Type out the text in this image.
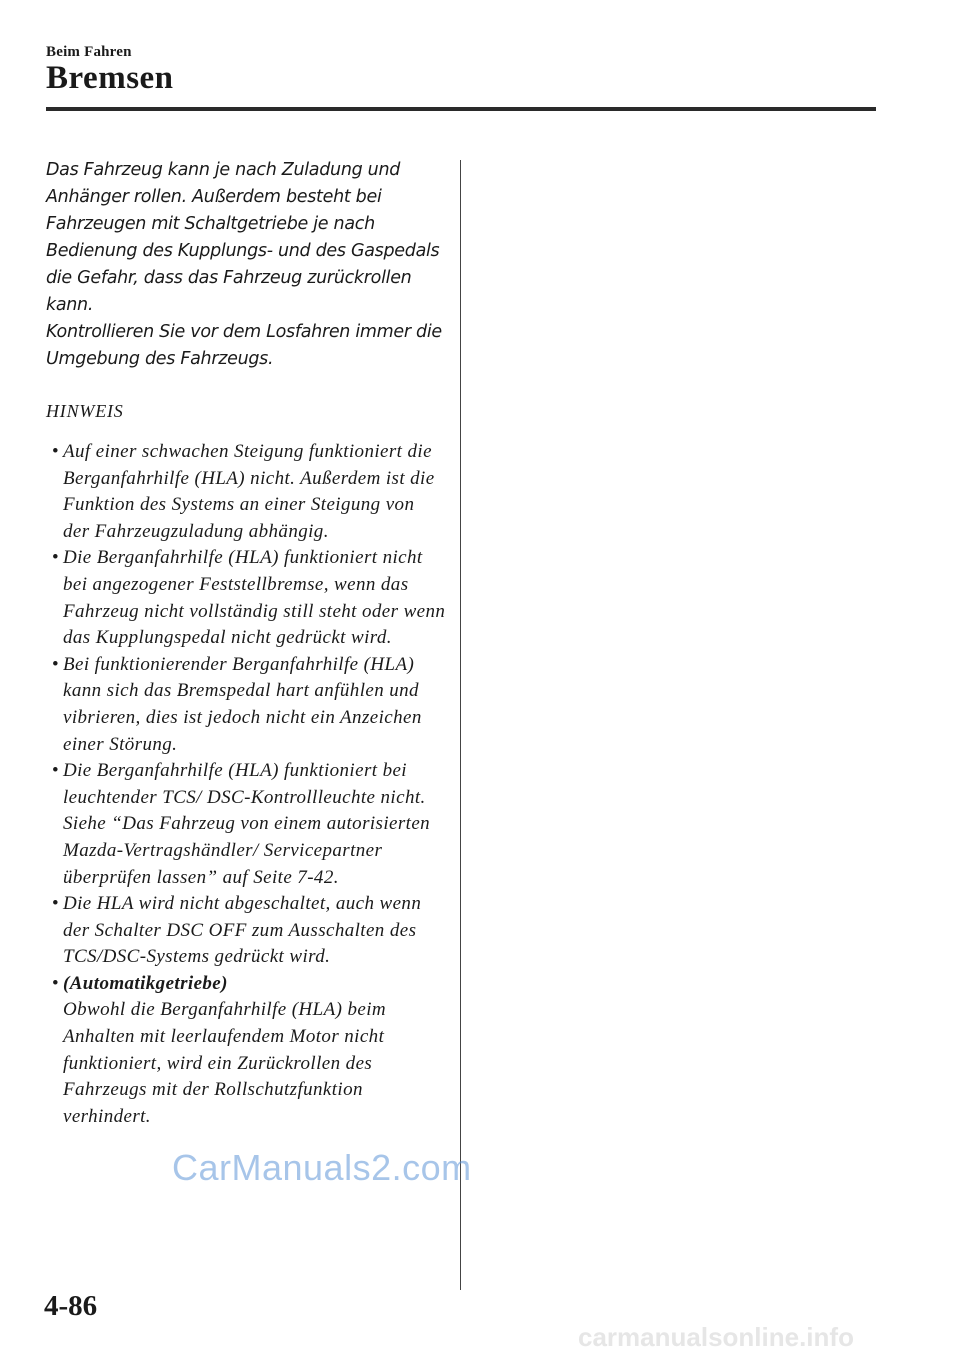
Beim Fahren
Bremsen

Das Fahrzeug kann je nach Zuladung und Anhänger rollen. Außerdem besteht bei Fahrzeugen mit Schaltgetriebe je nach Bedienung des Kupplungs- und des Gaspedals die Gefahr, dass das Fahrzeug zurückrollen kann.

Kontrollieren Sie vor dem Losfahren immer die Umgebung des Fahrzeugs.

HINWEIS
• Auf einer schwachen Steigung funktioniert die Berganfahrhilfe (HLA) nicht. Außerdem ist die Funktion des Systems an einer Steigung von der Fahrzeugzuladung abhängig.
• Die Berganfahrhilfe (HLA) funktioniert nicht bei angezogener Feststellbremse, wenn das Fahrzeug nicht vollständig still steht oder wenn das Kupplungspedal nicht gedrückt wird.
• Bei funktionierender Berganfahrhilfe (HLA) kann sich das Bremspedal hart anfühlen und vibrieren, dies ist jedoch nicht ein Anzeichen einer Störung.
• Die Berganfahrhilfe (HLA) funktioniert bei leuchtender TCS/ DSC-Kontrollleuchte nicht. Siehe “Das Fahrzeug von einem autorisierten Mazda-Vertragshändler/ Servicepartner überprüfen lassen” auf Seite 7-42.
• Die HLA wird nicht abgeschaltet, auch wenn der Schalter DSC OFF zum Ausschalten des TCS/DSC-Systems gedrückt wird.
• (Automatikgetriebe)
Obwohl die Berganfahrhilfe (HLA) beim Anhalten mit leerlaufendem Motor nicht funktioniert, wird ein Zurückrollen des Fahrzeugs mit der Rollschutzfunktion verhindert.
CarManuals2.com
4-86
carmanualsonline.info
